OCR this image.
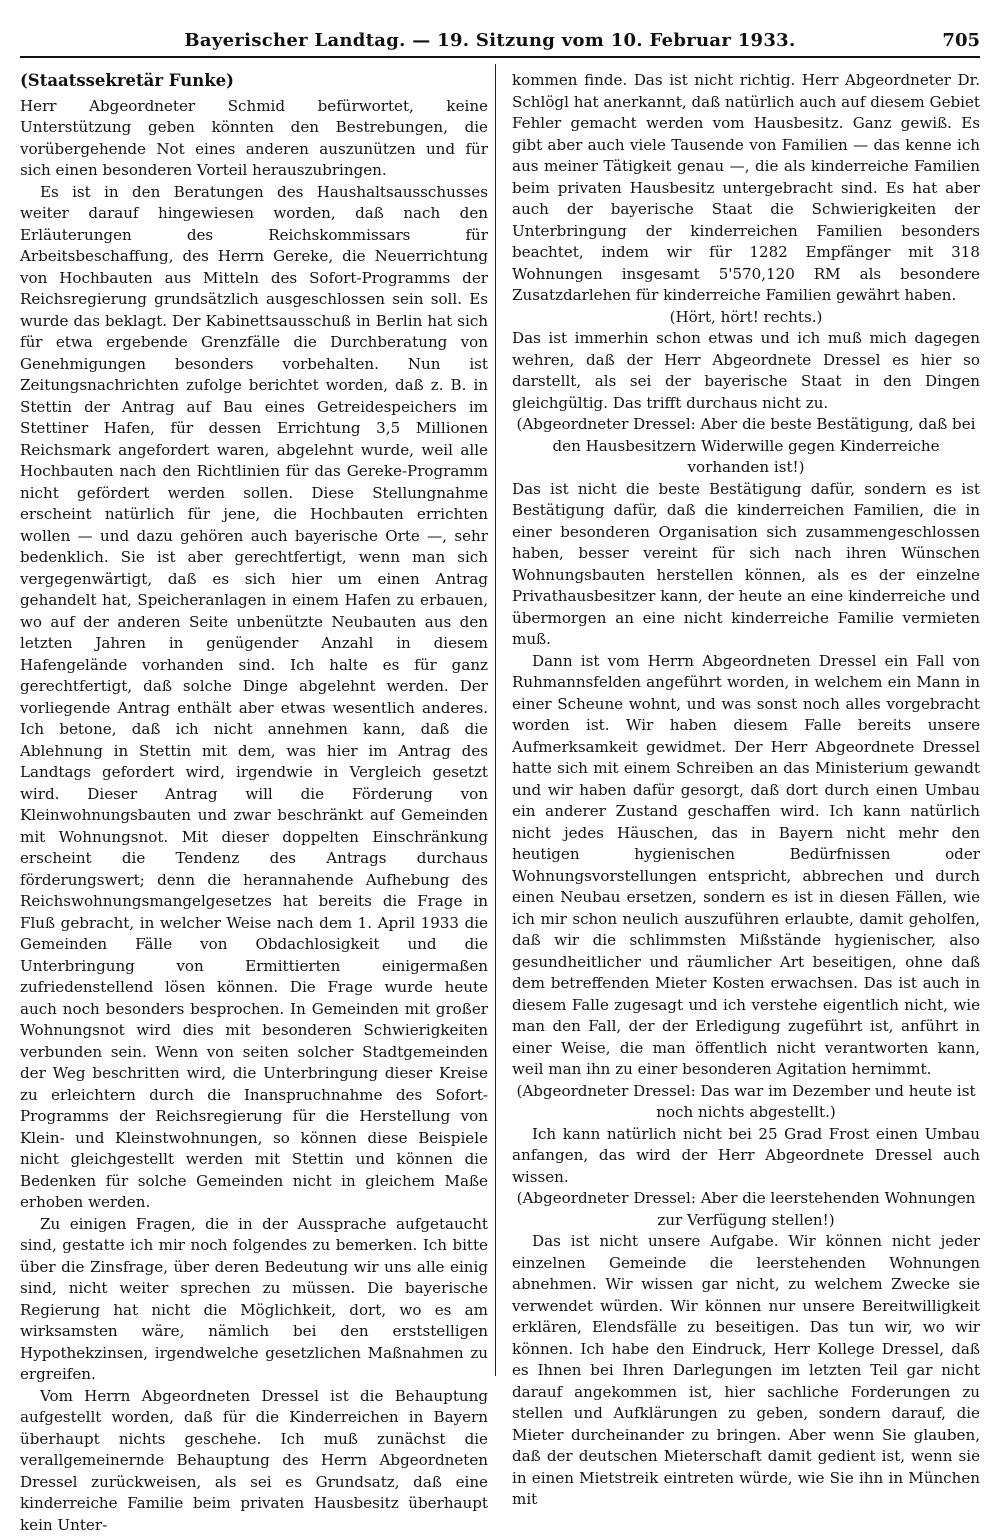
Bayerischer Landtag. — 19. Sitzung vom 10. Februar 1933.	705
(Staatssekretär Funke)

Herr Abgeordneter Schmid befürwortet, keine Unterstützung geben könnten den Bestrebungen, die vorübergehende Not eines anderen auszunützen und für sich einen besonderen Vorteil herauszubringen.

Es ist in den Beratungen des Haushaltsausschusses weiter darauf hingewiesen worden, daß nach den Erläuterungen des Reichskommissars für Arbeitsbeschaffung, des Herrn Gereke, die Neuerrichtung von Hochbauten aus Mitteln des Sofort-Programms der Reichsregierung grundsätzlich ausgeschlossen sein soll. Es wurde das beklagt. Der Kabinettsausschuß in Berlin hat sich für etwa ergebende Grenzfälle die Durchberatung von Genehmigungen besonders vorbehalten. Nun ist Zeitungsnachrichten zufolge berichtet worden, daß z. B. in Stettin der Antrag auf Bau eines Getreidespeichers im Stettiner Hafen, für dessen Errichtung 3,5 Millionen Reichsmark angefordert waren, abgelehnt wurde, weil alle Hochbauten nach den Richtlinien für das Gereke-Programm nicht gefördert werden sollen. Diese Stellungnahme erscheint natürlich für jene, die Hochbauten errichten wollen — und dazu gehören auch bayerische Orte —, sehr bedenklich. Sie ist aber gerechtfertigt, wenn man sich vergegenwärtigt, daß es sich hier um einen Antrag gehandelt hat, Speicheranlagen in einem Hafen zu erbauen, wo auf der anderen Seite unbenützte Neubauten aus den letzten Jahren in genügender Anzahl in diesem Hafengelände vorhanden sind. Ich halte es für ganz gerechtfertigt, daß solche Dinge abgelehnt werden. Der vorliegende Antrag enthält aber etwas wesentlich anderes. Ich betone, daß ich nicht annehmen kann, daß die Ablehnung in Stettin mit dem, was hier im Antrag des Landtags gefordert wird, irgendwie in Vergleich gesetzt wird. Dieser Antrag will die Förderung von Kleinwohnungsbauten und zwar beschränkt auf Gemeinden mit Wohnungsnot. Mit dieser doppelten Einschränkung erscheint die Tendenz des Antrags durchaus förderungswert; denn die herannahende Aufhebung des Reichswohnungsmangelgesetzes hat bereits die Frage in Fluß gebracht, in welcher Weise nach dem 1. April 1933 die Gemeinden Fälle von Obdachlosigkeit und die Unterbringung von Ermittierten einigermaßen zufriedenstellend lösen können. Die Frage wurde heute auch noch besonders besprochen. In Gemeinden mit großer Wohnungsnot wird dies mit besonderen Schwierigkeiten verbunden sein. Wenn von seiten solcher Stadtgemeinden der Weg beschritten wird, die Unterbringung dieser Kreise zu erleichtern durch die Inanspruchnahme des Sofort-Programms der Reichsregierung für die Herstellung von Klein- und Kleinstwohnungen, so können diese Beispiele nicht gleichgestellt werden mit Stettin und können die Bedenken für solche Gemeinden nicht in gleichem Maße erhoben werden.

Zu einigen Fragen, die in der Aussprache aufgetaucht sind, gestatte ich mir noch folgendes zu bemerken. Ich bitte über die Zinsfrage, über deren Bedeutung wir uns alle einig sind, nicht weiter sprechen zu müssen. Die bayerische Regierung hat nicht die Möglichkeit, dort, wo es am wirksamsten wäre, nämlich bei den erststelligen Hypothekzinsen, irgendwelche gesetzlichen Maßnahmen zu ergreifen.

Vom Herrn Abgeordneten Dressel ist die Behauptung aufgestellt worden, daß für die Kinderreichen in Bayern überhaupt nichts geschehe. Ich muß zunächst die verallgemeinernde Behauptung des Herrn Abgeordneten Dressel zurückweisen, als sei es Grundsatz, daß eine kinderreiche Familie beim privaten Hausbesitz überhaupt kein Unter-

kommen finde. Das ist nicht richtig. Herr Abgeordneter Dr. Schlögl hat anerkannt, daß natürlich auch auf diesem Gebiet Fehler gemacht werden vom Hausbesitz. Ganz gewiß. Es gibt aber auch viele Tausende von Familien — das kenne ich aus meiner Tätigkeit genau —, die als kinderreiche Familien beim privaten Hausbesitz untergebracht sind. Es hat aber auch der bayerische Staat die Schwierigkeiten der Unterbringung der kinderreichen Familien besonders beachtet, indem wir für 1282 Empfänger mit 318 Wohnungen insgesamt 5'570,120 RM als besondere Zusatzdarlehen für kinderreiche Familien gewährt haben.

(Hört, hört! rechts.)

Das ist immerhin schon etwas und ich muß mich dagegen wehren, daß der Herr Abgeordnete Dressel es hier so darstellt, als sei der bayerische Staat in den Dingen gleichgültig. Das trifft durchaus nicht zu.

(Abgeordneter Dressel: Aber die beste Bestätigung, daß bei den Hausbesitzern Widerwille gegen Kinderreiche vorhanden ist!)

Das ist nicht die beste Bestätigung dafür, sondern es ist Bestätigung dafür, daß die kinderreichen Familien, die in einer besonderen Organisation sich zusammengeschlossen haben, besser vereint für sich nach ihren Wünschen Wohnungsbauten herstellen können, als es der einzelne Privathausbesitzer kann, der heute an eine kinderreiche und übermorgen an eine nicht kinderreiche Familie vermieten muß.

Dann ist vom Herrn Abgeordneten Dressel ein Fall von Ruhmannsfelden angeführt worden, in welchem ein Mann in einer Scheune wohnt, und was sonst noch alles vorgebracht worden ist. Wir haben diesem Falle bereits unsere Aufmerksamkeit gewidmet. Der Herr Abgeordnete Dressel hatte sich mit einem Schreiben an das Ministerium gewandt und wir haben dafür gesorgt, daß dort durch einen Umbau ein anderer Zustand geschaffen wird. Ich kann natürlich nicht jedes Häuschen, das in Bayern nicht mehr den heutigen hygienischen Bedürfnissen oder Wohnungsvorstellungen entspricht, abbrechen und durch einen Neubau ersetzen, sondern es ist in diesen Fällen, wie ich mir schon neulich auszuführen erlaubte, damit geholfen, daß wir die schlimmsten Mißstände hygienischer, also gesundheitlicher und räumlicher Art beseitigen, ohne daß dem betreffenden Mieter Kosten erwachsen. Das ist auch in diesem Falle zugesagt und ich verstehe eigentlich nicht, wie man den Fall, der der Erledigung zugeführt ist, anführt in einer Weise, die man öffentlich nicht verantworten kann, weil man ihn zu einer besonderen Agitation hernimmt.

(Abgeordneter Dressel: Das war im Dezember und heute ist noch nichts abgestellt.)

Ich kann natürlich nicht bei 25 Grad Frost einen Umbau anfangen, das wird der Herr Abgeordnete Dressel auch wissen.

(Abgeordneter Dressel: Aber die leerstehenden Wohnungen zur Verfügung stellen!)

Das ist nicht unsere Aufgabe. Wir können nicht jeder einzelnen Gemeinde die leerstehenden Wohnungen abnehmen. Wir wissen gar nicht, zu welchem Zwecke sie verwendet würden. Wir können nur unsere Bereitwilligkeit erklären, Elendsfälle zu beseitigen. Das tun wir, wo wir können. Ich habe den Eindruck, Herr Kollege Dressel, daß es Ihnen bei Ihren Darlegungen im letzten Teil gar nicht darauf angekommen ist, hier sachliche Forderungen zu stellen und Aufklärungen zu geben, sondern darauf, die Mieter durcheinander zu bringen. Aber wenn Sie glauben, daß der deutschen Mieterschaft damit gedient ist, wenn sie in einen Mietstreik eintreten würde, wie Sie ihn in München mit
